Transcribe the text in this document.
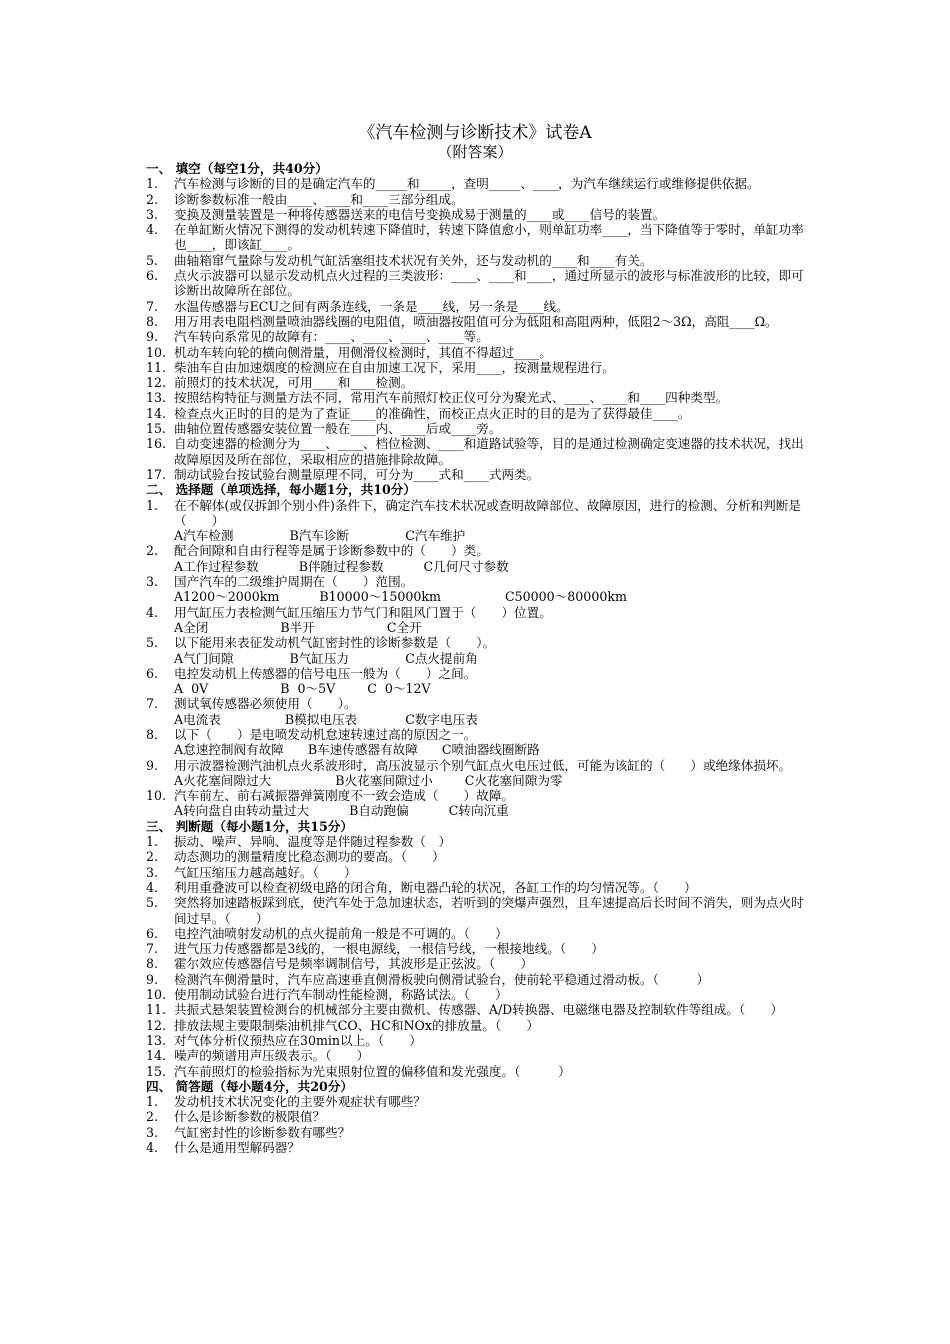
《汽车检测与诊断技术》试卷A
（附答案）
一、 填空（每空1分，共40分）
1. 汽车检测与诊断的目的是确定汽车的_____和_____，查明_____、____，为汽车继续运行或维修提供依据。
2. 诊断参数标准一般由____、____和____三部分组成。
3. 变换及测量装置是一种将传感器送来的电信号变换成易于测量的____或____信号的装置。
4. 在单缸断火情况下测得的发动机转速下降值时，转速下降值愈小，则单缸功率____，当下降值等于零时，单缸功率也____，即该缸____。
5. 曲轴箱窜气量除与发动机气缸活塞组技术状况有关外，还与发动机的____和____有关。
6. 点火示波器可以显示发动机点火过程的三类波形：____、____和____，通过所显示的波形与标准波形的比较，即可诊断出故障所在部位。
7. 水温传感器与ECU之间有两条连线，一条是____线，另一条是____线。
8. 用万用表电阻档测量喷油器线圈的电阻值，喷油器按阻值可分为低阻和高阻两种，低阻2～3Ω，高阻____Ω。
9. 汽车转向系常见的故障有：____、____、____、____等。
10. 机动车转向轮的横向侧滑量，用侧滑仪检测时，其值不得超过____。
11. 柴油车自由加速烟度的检测应在自由加速工况下，采用____，按测量规程进行。
12. 前照灯的技术状况，可用____和____检测。
13. 按照结构特征与测量方法不同，常用汽车前照灯校正仪可分为聚光式、____、____和____四种类型。
14. 检查点火正时的目的是为了查证____的准确性，而校正点火正时的目的是为了获得最佳____。
15. 曲轴位置传感器安装位置一般在____内、____后或____旁。
16. 自动变速器的检测分为____、____、档位检测、____和道路试验等，目的是通过检测确定变速器的技术状况，找出故障原因及所在部位，采取相应的措施排除故障。
17. 制动试验台按试验台测量原理不同，可分为____式和____式两类。
二、 选择题（单项选择，每小题1分，共10分）
1. 在不解体(或仅拆卸个别小件)条件下，确定汽车技术状况或查明故障部位、故障原因，进行的检测、分析和判断是（　　）
A汽车检测              B汽车诊断              C汽车维护
2. 配合间隙和自由行程等是属于诊断参数中的（　　）类。
A工作过程参数          B伴随过程参数          C几何尺寸参数
3. 国产汽车的二级维护周期在（　　）范围。
A1200～2000km          B10000～15000km                C50000～80000km
4. 用气缸压力表检测气缸压缩压力节气门和阻风门置于（　　）位置。
A全闭                  B半开                  C全开
5. 以下能用来表征发动机气缸密封性的诊断参数是（　　）。
A气门间隙              B气缸压力              C点火提前角
6. 电控发动机上传感器的信号电压一般为（　　）之间。
A  0V                  B  0～5V        C  0～12V
7. 测试氧传感器必须使用（　　）。
A电流表                B模拟电压表            C数字电压表
8. 以下（　　）是电喷发动机怠速转速过高的原因之一。
A怠速控制阀有故障      B车速传感器有故障      C喷油器线圈断路
9. 用示波器检测汽油机点火系波形时，高压波显示个别气缸点火电压过低，可能为该缸的（　　）或绝缘体损坏。
A火花塞间隙过大                B火花塞间隙过小        C火花塞间隙为零
10. 汽车前左、前右减振器弹簧刚度不一致会造成（　　）故障。
A转向盘自由转动量过大          B自动跑偏          C转向沉重
三、 判断题（每小题1分，共15分）
1. 振动、噪声、异响、温度等是伴随过程参数（　）
2. 动态测功的测量精度比稳态测功的要高。（　　）
3. 气缸压缩压力越高越好。（　　）
4. 利用重叠波可以检查初级电路的闭合角，断电器凸轮的状况，各缸工作的均匀情况等。（　　）
5. 突然将加速踏板踩到底，使汽车处于急加速状态，若听到的突爆声强烈，且车速提高后长时间不消失，则为点火时间过早。（　　）
6. 电控汽油喷射发动机的点火提前角一般是不可调的。（　　）
7. 进气压力传感器都是3线的，一根电源线，一根信号线，一根接地线。（　　）
8. 霍尔效应传感器信号是频率调制信号，其波形是正弦波。（　　）
9. 检测汽车侧滑量时，汽车应高速垂直侧滑板驶向侧滑试验台，使前轮平稳通过滑动板。（　　　）
10. 使用制动试验台进行汽车制动性能检测，称路试法。（　　）
11. 共振式悬架装置检测台的机械部分主要由微机、传感器、A/D转换器、电磁继电器及控制软件等组成。（　　）
12. 排放法规主要限制柴油机排气CO、HC和NOx的排放量。（　　）
13. 对气体分析仪预热应在30min以上。（　　）
14. 噪声的频谱用声压级表示。（　　）
15. 汽车前照灯的检验指标为光束照射位置的偏移值和发光强度。（　　　）
四、 简答题（每小题4分，共20分）
1. 发动机技术状况变化的主要外观症状有哪些？
2. 什么是诊断参数的极限值？
3. 气缸密封性的诊断参数有哪些？
4. 什么是通用型解码器？
